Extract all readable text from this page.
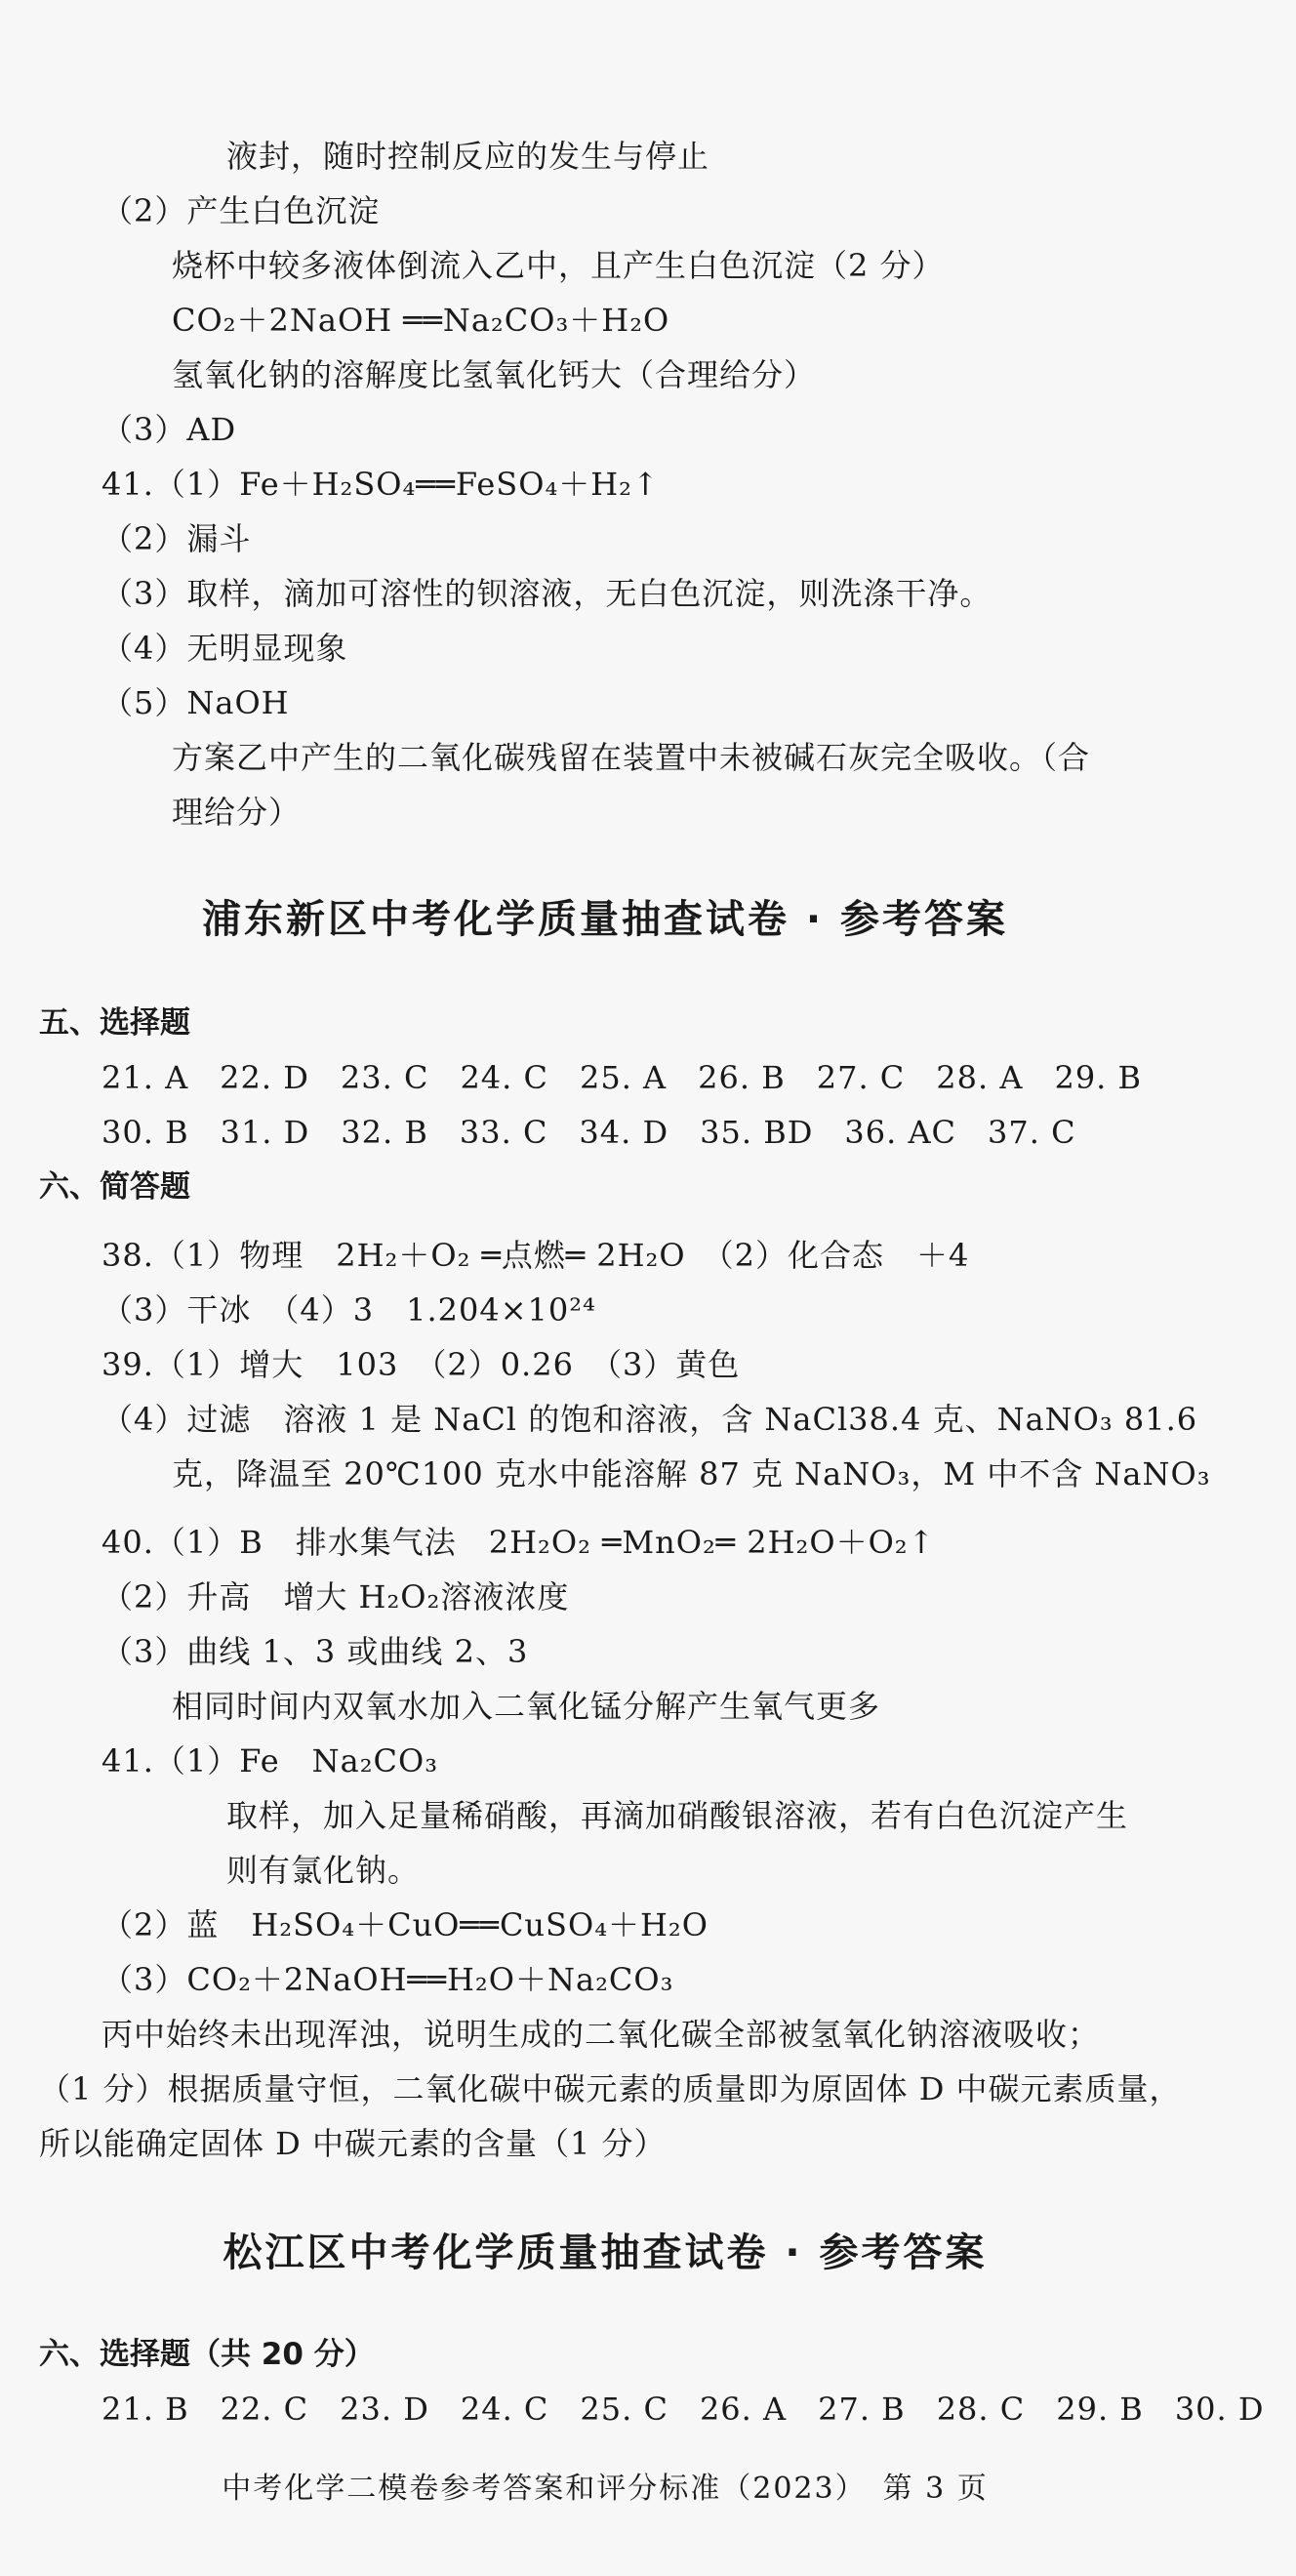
液封，随时控制反应的发生与停止
（2）产生白色沉淀
烧杯中较多液体倒流入乙中，且产生白色沉淀（2 分）
CO₂＋2NaOH ══Na₂CO₃＋H₂O
氢氧化钠的溶解度比氢氧化钙大（合理给分）
（3）AD
41.（1）Fe＋H₂SO₄══FeSO₄＋H₂↑
（2）漏斗
（3）取样，滴加可溶性的钡溶液，无白色沉淀，则洗涤干净。
（4）无明显现象
（5）NaOH
方案乙中产生的二氧化碳残留在装置中未被碱石灰完全吸收。（合
理给分）
浦东新区中考化学质量抽查试卷 · 参考答案
五、选择题
21. A 22. D 23. C 24. C 25. A 26. B 27. C 28. A 29. B
30. B 31. D 32. B 33. C 34. D 35. BD 36. AC 37. C
六、简答题
38.（1）物理　2H₂＋O₂ ═点燃═ 2H₂O　（2）化合态　＋4
（3）干冰　（4）3　1.204×10²⁴
39.（1）增大　103　（2）0.26　（3）黄色
（4）过滤　溶液 1 是 NaCl 的饱和溶液，含 NaCl38.4 克、NaNO₃ 81.6
克，降温至 20℃100 克水中能溶解 87 克 NaNO₃，M 中不含 NaNO₃
40.（1）B　排水集气法　2H₂O₂ ═MnO₂═ 2H₂O＋O₂↑
（2）升高　增大 H₂O₂溶液浓度
（3）曲线 1、3 或曲线 2、3
相同时间内双氧水加入二氧化锰分解产生氧气更多
41.（1）Fe　Na₂CO₃
取样，加入足量稀硝酸，再滴加硝酸银溶液，若有白色沉淀产生
则有氯化钠。
（2）蓝　H₂SO₄＋CuO══CuSO₄＋H₂O
（3）CO₂＋2NaOH══H₂O＋Na₂CO₃
丙中始终未出现浑浊，说明生成的二氧化碳全部被氢氧化钠溶液吸收；
（1 分）根据质量守恒，二氧化碳中碳元素的质量即为原固体 D 中碳元素质量，
所以能确定固体 D 中碳元素的含量（1 分）
松江区中考化学质量抽查试卷 · 参考答案
六、选择题（共 20 分）
21. B 22. C 23. D 24. C 25. C 26. A 27. B 28. C 29. B 30. D
中考化学二模卷参考答案和评分标准（2023）　第 3 页
